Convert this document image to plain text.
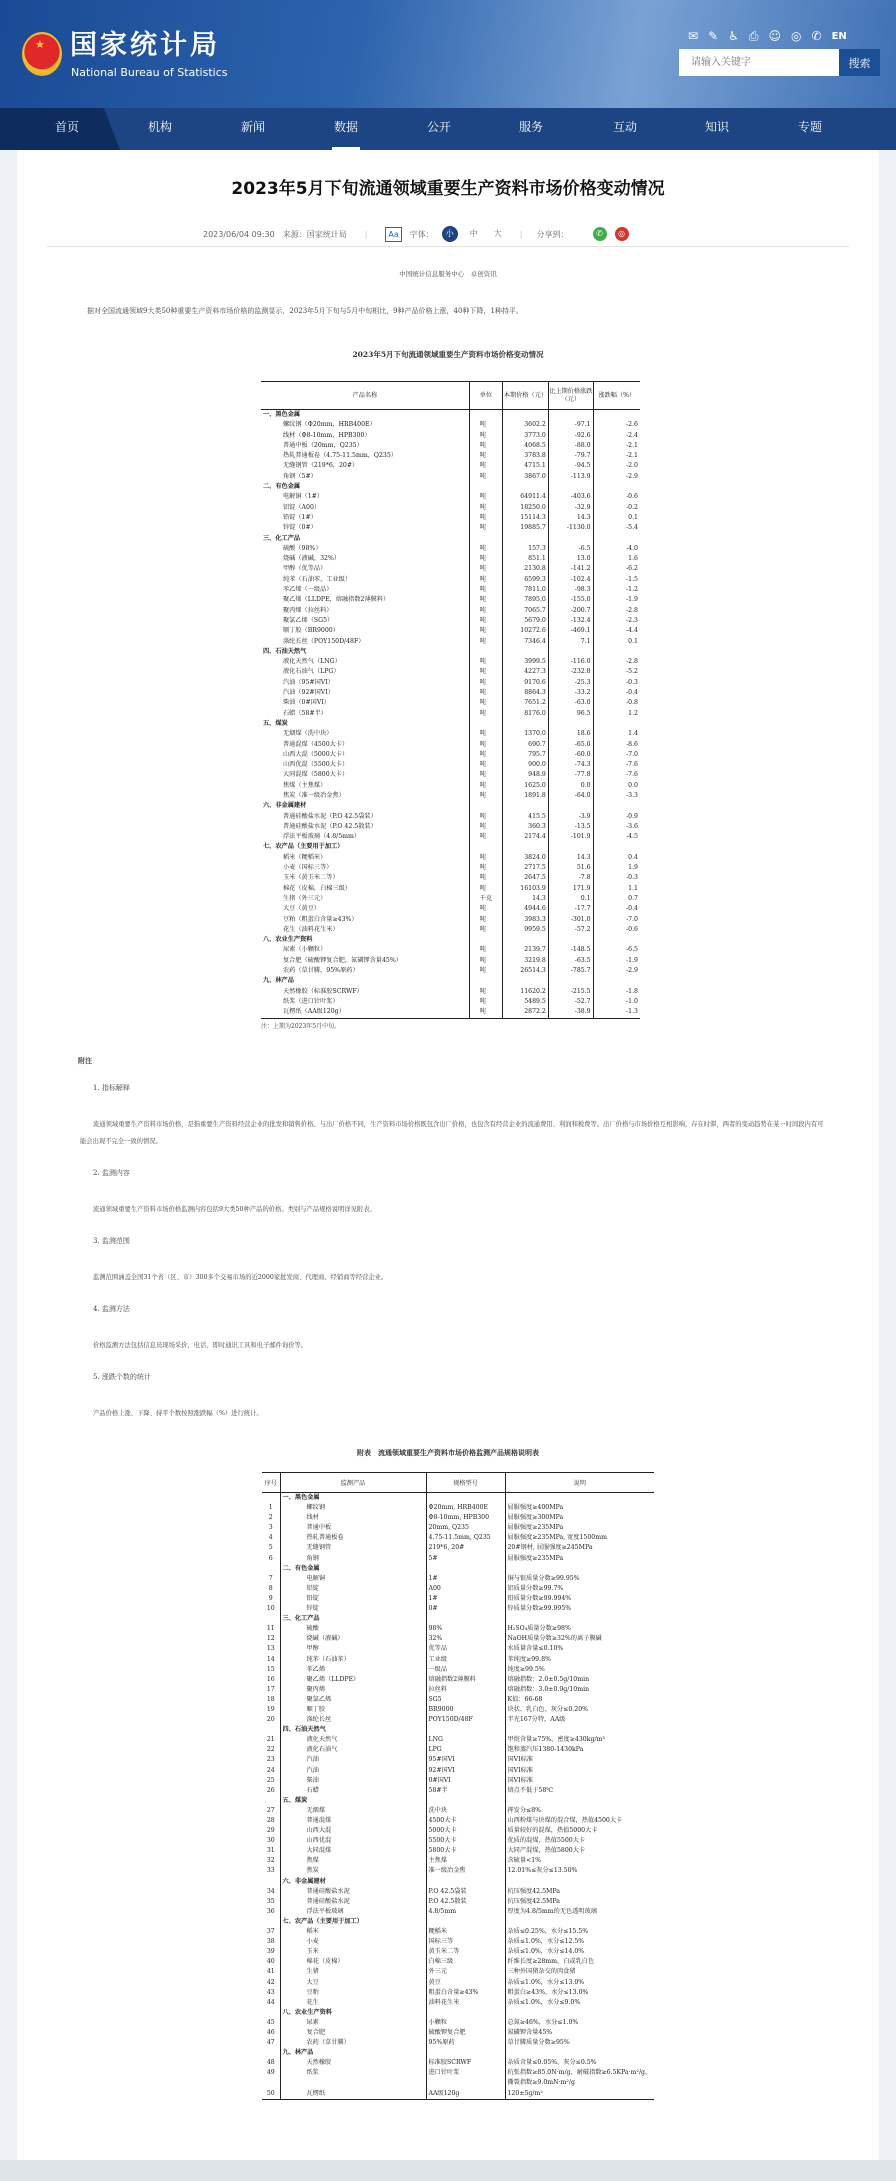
★
国家统计局
National Bureau of Statistics
✉ ✎ ♿ ⎙ ☺ ◎ ✆ EN
请输入关键字
搜索
首页	机构	新闻	数据	公开	服务	互动	知识	专题
2023年5月下旬流通领域重要生产资料市场价格变动情况
2023/06/04 09:30 来源：国家统计局 |	Aa	字体：	小	中	大	| 分享到：	✆	◎
中国统计信息服务中心　卓创资讯
据对全国流通领域9大类50种重要生产资料市场价格的监测显示，2023年5月下旬与5月中旬相比，9种产品价格上涨，40种下降，1种持平。
2023年5月下旬流通领域重要生产资料市场价格变动情况
产品名称	单位	本期价格（元）	比上期价格涨跌（元）	涨跌幅（%）
一、黑色金属				
螺纹钢（Φ20mm，HRB400E）	吨	3602.2	-97.1	-2.6
线材（Φ8-10mm，HPB300）	吨	3773.0	-92.6	-2.4
普通中板（20mm，Q235）	吨	4068.5	-88.0	-2.1
热轧普通板卷（4.75-11.5mm，Q235）	吨	3783.8	-79.7	-2.1
无缝钢管（219*6，20#）	吨	4715.1	-94.5	-2.0
角钢（5#）	吨	3867.0	-113.9	-2.9
二、有色金属				
电解铜（1#）	吨	64911.4	-403.6	-0.6
铝锭（A00）	吨	18250.0	-32.9	-0.2
铅锭（1#）	吨	15114.3	14.3	0.1
锌锭（0#）	吨	19885.7	-1130.0	-5.4
三、化工产品				
硫酸（98%）	吨	157.3	-6.5	-4.0
烧碱（液碱，32%）	吨	851.1	13.0	1.6
甲醇（优等品）	吨	2130.8	-141.2	-6.2
纯苯（石油苯，工业级）	吨	6599.3	-102.4	-1.5
苯乙烯（一级品）	吨	7811.0	-98.3	-1.2
聚乙烯（LLDPE，熔融指数2薄膜料）	吨	7895.0	-155.0	-1.9
聚丙烯（拉丝料）	吨	7065.7	-200.7	-2.8
聚氯乙烯（SG5）	吨	5679.0	-132.4	-2.3
顺丁胶（BR9000）	吨	10272.6	-469.1	-4.4
涤纶长丝（POY150D/48F）	吨	7346.4	7.1	0.1
四、石油天然气				
液化天然气（LNG）	吨	3999.5	-116.0	-2.8
液化石油气（LPG）	吨	4227.3	-232.8	-5.2
汽油（95#国VI）	吨	9170.6	-25.3	-0.3
汽油（92#国VI）	吨	8864.3	-33.2	-0.4
柴油（0#国VI）	吨	7651.2	-63.0	-0.8
石蜡（58#半）	吨	8176.0	96.5	1.2
五、煤炭				
无烟煤（洗中块）	吨	1370.0	18.6	1.4
普通混煤（4500大卡）	吨	690.7	-65.0	-8.6
山西大混（5000大卡）	吨	795.7	-60.0	-7.0
山西优混（5500大卡）	吨	900.0	-74.3	-7.6
大同混煤（5800大卡）	吨	948.9	-77.8	-7.6
焦煤（主焦煤）	吨	1625.0	0.0	0.0
焦炭（准一级冶金焦）	吨	1891.8	-64.0	-3.3
六、非金属建材				
普通硅酸盐水泥（P.O 42.5袋装）	吨	415.5	-3.9	-0.9
普通硅酸盐水泥（P.O 42.5散装）	吨	360.3	-13.5	-3.6
浮法平板玻璃（4.8/5mm）	吨	2174.4	-101.9	-4.5
七、农产品（主要用于加工）				
稻米（粳稻米）	吨	3824.0	14.3	0.4
小麦（国标三等）	吨	2717.5	51.6	1.9
玉米（黄玉米二等）	吨	2647.5	-7.8	-0.3
棉花（皮棉，白棉三级）	吨	16103.9	171.9	1.1
生猪（外三元）	千克	14.3	0.1	0.7
大豆（黄豆）	吨	4944.6	-17.7	-0.4
豆粕（粗蛋白含量≥43%）	吨	3983.3	-301.0	-7.0
花生（油料花生米）	吨	9959.5	-57.2	-0.6
八、农业生产资料				
尿素（小颗粒）	吨	2139.7	-148.5	-6.5
复合肥（硫酸钾复合肥，氮磷钾含量45%）	吨	3219.8	-63.5	-1.9
农药（草甘膦，95%原药）	吨	26514.3	-785.7	-2.9
九、林产品				
天然橡胶（标准胶SCRWF）	吨	11620.2	-215.5	-1.8
纸浆（进口针叶浆）	吨	5489.5	-52.7	-1.0
瓦楞纸（AA级120g）	吨	2872.2	-38.9	-1.3
注：上期为2023年5月中旬。
附注
1. 指标解释
流通领域重要生产资料市场价格，是指重要生产资料经营企业的批发和销售价格。与出厂价格不同，生产资料市场价格既包含出厂价格，也包含有经营企业的流通费用、利润和税费等。出厂价格与市场价格互相影响，存在时滞，两者的变动趋势在某一时间段内有可能会出现不完全一致的情况。
2. 监测内容
流通领域重要生产资料市场价格监测内容包括9大类50种产品的价格。类别与产品规格说明详见附表。
3. 监测范围
监测范围涵盖全国31个省（区、市）300多个交易市场的近2000家批发商、代理商、经销商等经营企业。
4. 监测方法
价格监测方法包括信息员现场采价，电话、即时通讯工具和电子邮件询价等。
5. 涨跌个数的统计
产品价格上涨、下降、持平个数按照涨跌幅（%）进行统计。
附表　流通领域重要生产资料市场价格监测产品规格说明表
序号	监测产品	规格型号	说明
	一、黑色金属		
1	螺纹钢	Φ20mm, HRB400E	屈服强度≥400MPa
2	线材	Φ8-10mm, HPB300	屈服强度≥300MPa
3	普通中板	20mm, Q235	屈服强度≥235MPa
4	热轧普通板卷	4.75-11.5mm, Q235	屈服强度≥235MPa, 宽度1500mm
5	无缝钢管	219*6, 20#	20#钢材, 屈服强度≥245MPa
6	角钢	5#	屈服强度≥235MPa
	二、有色金属		
7	电解铜	1#	铜与银质量分数≥99.95%
8	铝锭	A00	铝质量分数≥99.7%
9	铅锭	1#	铅质量分数≥99.994%
10	锌锭	0#	锌质量分数≥99.995%
	三、化工产品		
11	硫酸	98%	H₂SO₄质量分数≥98%
12	烧碱（液碱）	32%	NaOH质量分数≥32%的离子膜碱
13	甲醇	优等品	水质量含量≤0.10%
14	纯苯（石油苯）	工业级	苯纯度≥99.8%
15	苯乙烯	一级品	纯度≥99.5%
16	聚乙烯（LLDPE）	熔融指数2薄膜料	熔融指数：2.0±0.5g/10min
17	聚丙烯	拉丝料	熔融指数：3.0±0.9g/10min
18	聚氯乙烯	SG5	K值：66-68
19	顺丁胶	BR9000	块状、乳白色、灰分≤0.20%
20	涤纶长丝	POY150D/48F	半光167分特，AA级
	四、石油天然气		
21	液化天然气	LNG	甲烷含量≥75%，密度≥430kg/m³
22	液化石油气	LPG	饱和蒸汽压1380-1430kPa
23	汽油	95#国VI	国VI标准
24	汽油	92#国VI	国VI标准
25	柴油	0#国VI	国VI标准
26	石蜡	58#半	熔点不低于58℃
	五、煤炭		
27	无烟煤	洗中块	挥发分≤8%
28	普通混煤	4500大卡	山西粉煤与块煤的混合煤，热值4500大卡
29	山西大混	5000大卡	质量较好的混煤，热值5000大卡
30	山西优混	5500大卡	优质的混煤，热值5500大卡
31	大同混煤	5800大卡	大同产混煤，热值5800大卡
32	焦煤	主焦煤	含硫量<1%
33	焦炭	准一级冶金焦	12.01%≤灰分≤13.50%
	六、非金属建材		
34	普通硅酸盐水泥	P.O 42.5袋装	抗压强度42.5MPa
35	普通硅酸盐水泥	P.O 42.5散装	抗压强度42.5MPa
36	浮法平板玻璃	4.8/5mm	厚度为4.8/5mm的无色透明玻璃
	七、农产品（主要用于加工）		
37	稻米	粳稻米	杂质≤0.25%，水分≤15.5%
38	小麦	国标三等	杂质≤1.0%，水分≤12.5%
39	玉米	黄玉米二等	杂质≤1.0%，水分≤14.0%
40	棉花（皮棉）	白棉三级	纤维长度≥28mm，白或乳白色
41	生猪	外三元	三种外国猪杂交的肉食猪
42	大豆	黄豆	杂质≤1.0%，水分≤13.0%
43	豆粕	粗蛋白含量≥43%	粗蛋白≥43%，水分≤13.0%
44	花生	油料花生米	杂质≤1.0%，水分≤9.0%
	八、农业生产资料		
45	尿素	小颗粒	总氮≥46%，水分≤1.0%
46	复合肥	硫酸钾复合肥	氮磷钾含量45%
47	农药（草甘膦）	95%原药	草甘膦质量分数≥95%
	九、林产品		
48	天然橡胶	标准胶SCRWF	杂质含量≤0.05%，灰分≤0.5%
49	纸浆	进口针叶浆	抗张指数≥85.0N·m/g，耐破指数≥6.5KPa·m²/g，撕裂指数≥9.0mN·m²/g
50	瓦楞纸	AA级120g	120±5g/m²
